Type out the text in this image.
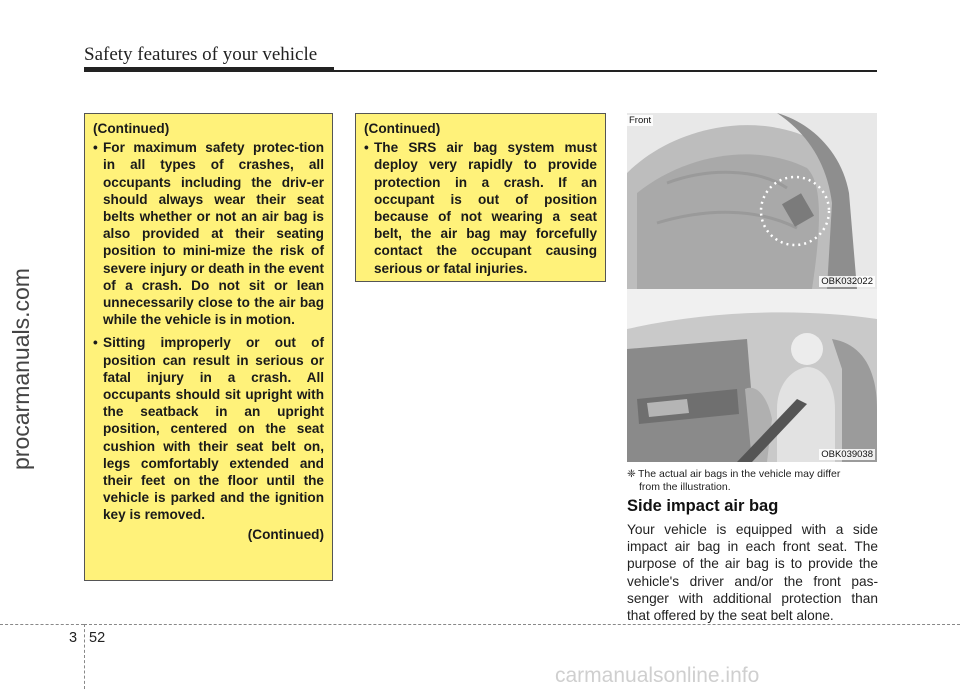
Safety features of your vehicle
procarmanuals.com
(Continued)
• For maximum safety protec-tion in all types of crashes, all occupants including the driv-er should always wear their seat belts whether or not an air bag is also provided at their seating position to mini-mize the risk of severe injury or death in the event of a crash. Do not sit or lean unnecessarily close to the air bag while the vehicle is in motion.
• Sitting improperly or out of position can result in serious or fatal injury in a crash. All occupants should sit upright with the seatback in an upright position, centered on the seat cushion with their seat belt on, legs comfortably extended and their feet on the floor until the vehicle is parked and the ignition key is removed.
(Continued)
(Continued)
• The SRS air bag system must deploy very rapidly to provide protection in a crash. If an occupant is out of position because of not wearing a seat belt, the air bag may forcefully contact the occupant causing serious or fatal injuries.
Front
OBK032022
OBK039038
❈ The actual air bags in the vehicle may differ
from the illustration.
Side impact air bag
Your vehicle is equipped with a side impact air bag in each front seat. The purpose of the air bag is to provide the vehicle's driver and/or the front pas-senger with additional protection than that offered by the seat belt alone.
3 52
carmanualsonline.info
